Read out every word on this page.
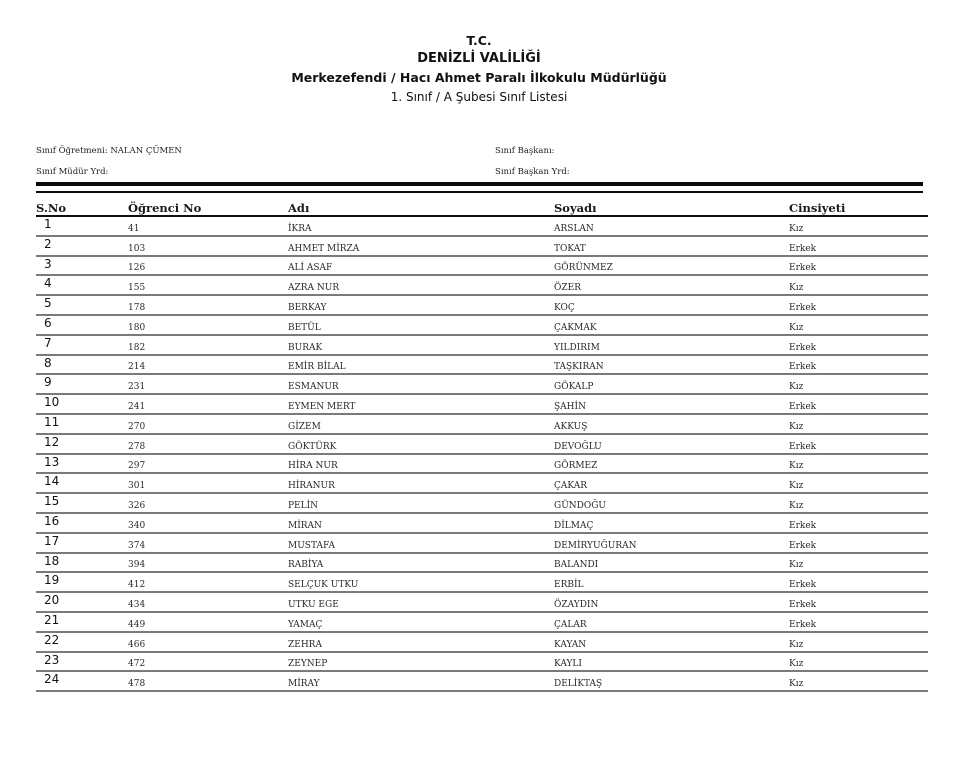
T.C.
DENİZLİ VALİLİĞİ
Merkezefendi / Hacı Ahmet Paralı İlkokulu Müdürlüğü
1. Sınıf / A Şubesi Sınıf Listesi
Sınıf Öğretmeni: NALAN ÇÜMEN
Sınıf Müdür Yrd:
Sınıf Başkanı:
Sınıf Başkan Yrd:
S.No	Öğrenci No	Adı	Soyadı	Cinsiyeti
1	41	İKRA	ARSLAN	Kız
2	103	AHMET MİRZA	TOKAT	Erkek
3	126	ALİ ASAF	GÖRÜNMEZ	Erkek
4	155	AZRA NUR	ÖZER	Kız
5	178	BERKAY	KOÇ	Erkek
6	180	BETÜL	ÇAKMAK	Kız
7	182	BURAK	YILDIRIM	Erkek
8	214	EMİR BİLAL	TAŞKIRAN	Erkek
9	231	ESMANUR	GÖKALP	Kız
10	241	EYMEN MERT	ŞAHİN	Erkek
11	270	GİZEM	AKKUŞ	Kız
12	278	GÖKTÜRK	DEVOĞLU	Erkek
13	297	HİRA NUR	GÖRMEZ	Kız
14	301	HİRANUR	ÇAKAR	Kız
15	326	PELİN	GÜNDOĞU	Kız
16	340	MİRAN	DİLMAÇ	Erkek
17	374	MUSTAFA	DEMİRYUĞURAN	Erkek
18	394	RABİYA	BALANDI	Kız
19	412	SELÇUK UTKU	ERBİL	Erkek
20	434	UTKU EGE	ÖZAYDIN	Erkek
21	449	YAMAÇ	ÇALAR	Erkek
22	466	ZEHRA	KAYAN	Kız
23	472	ZEYNEP	KAYLI	Kız
24	478	MİRAY	DELİKTAŞ	Kız
